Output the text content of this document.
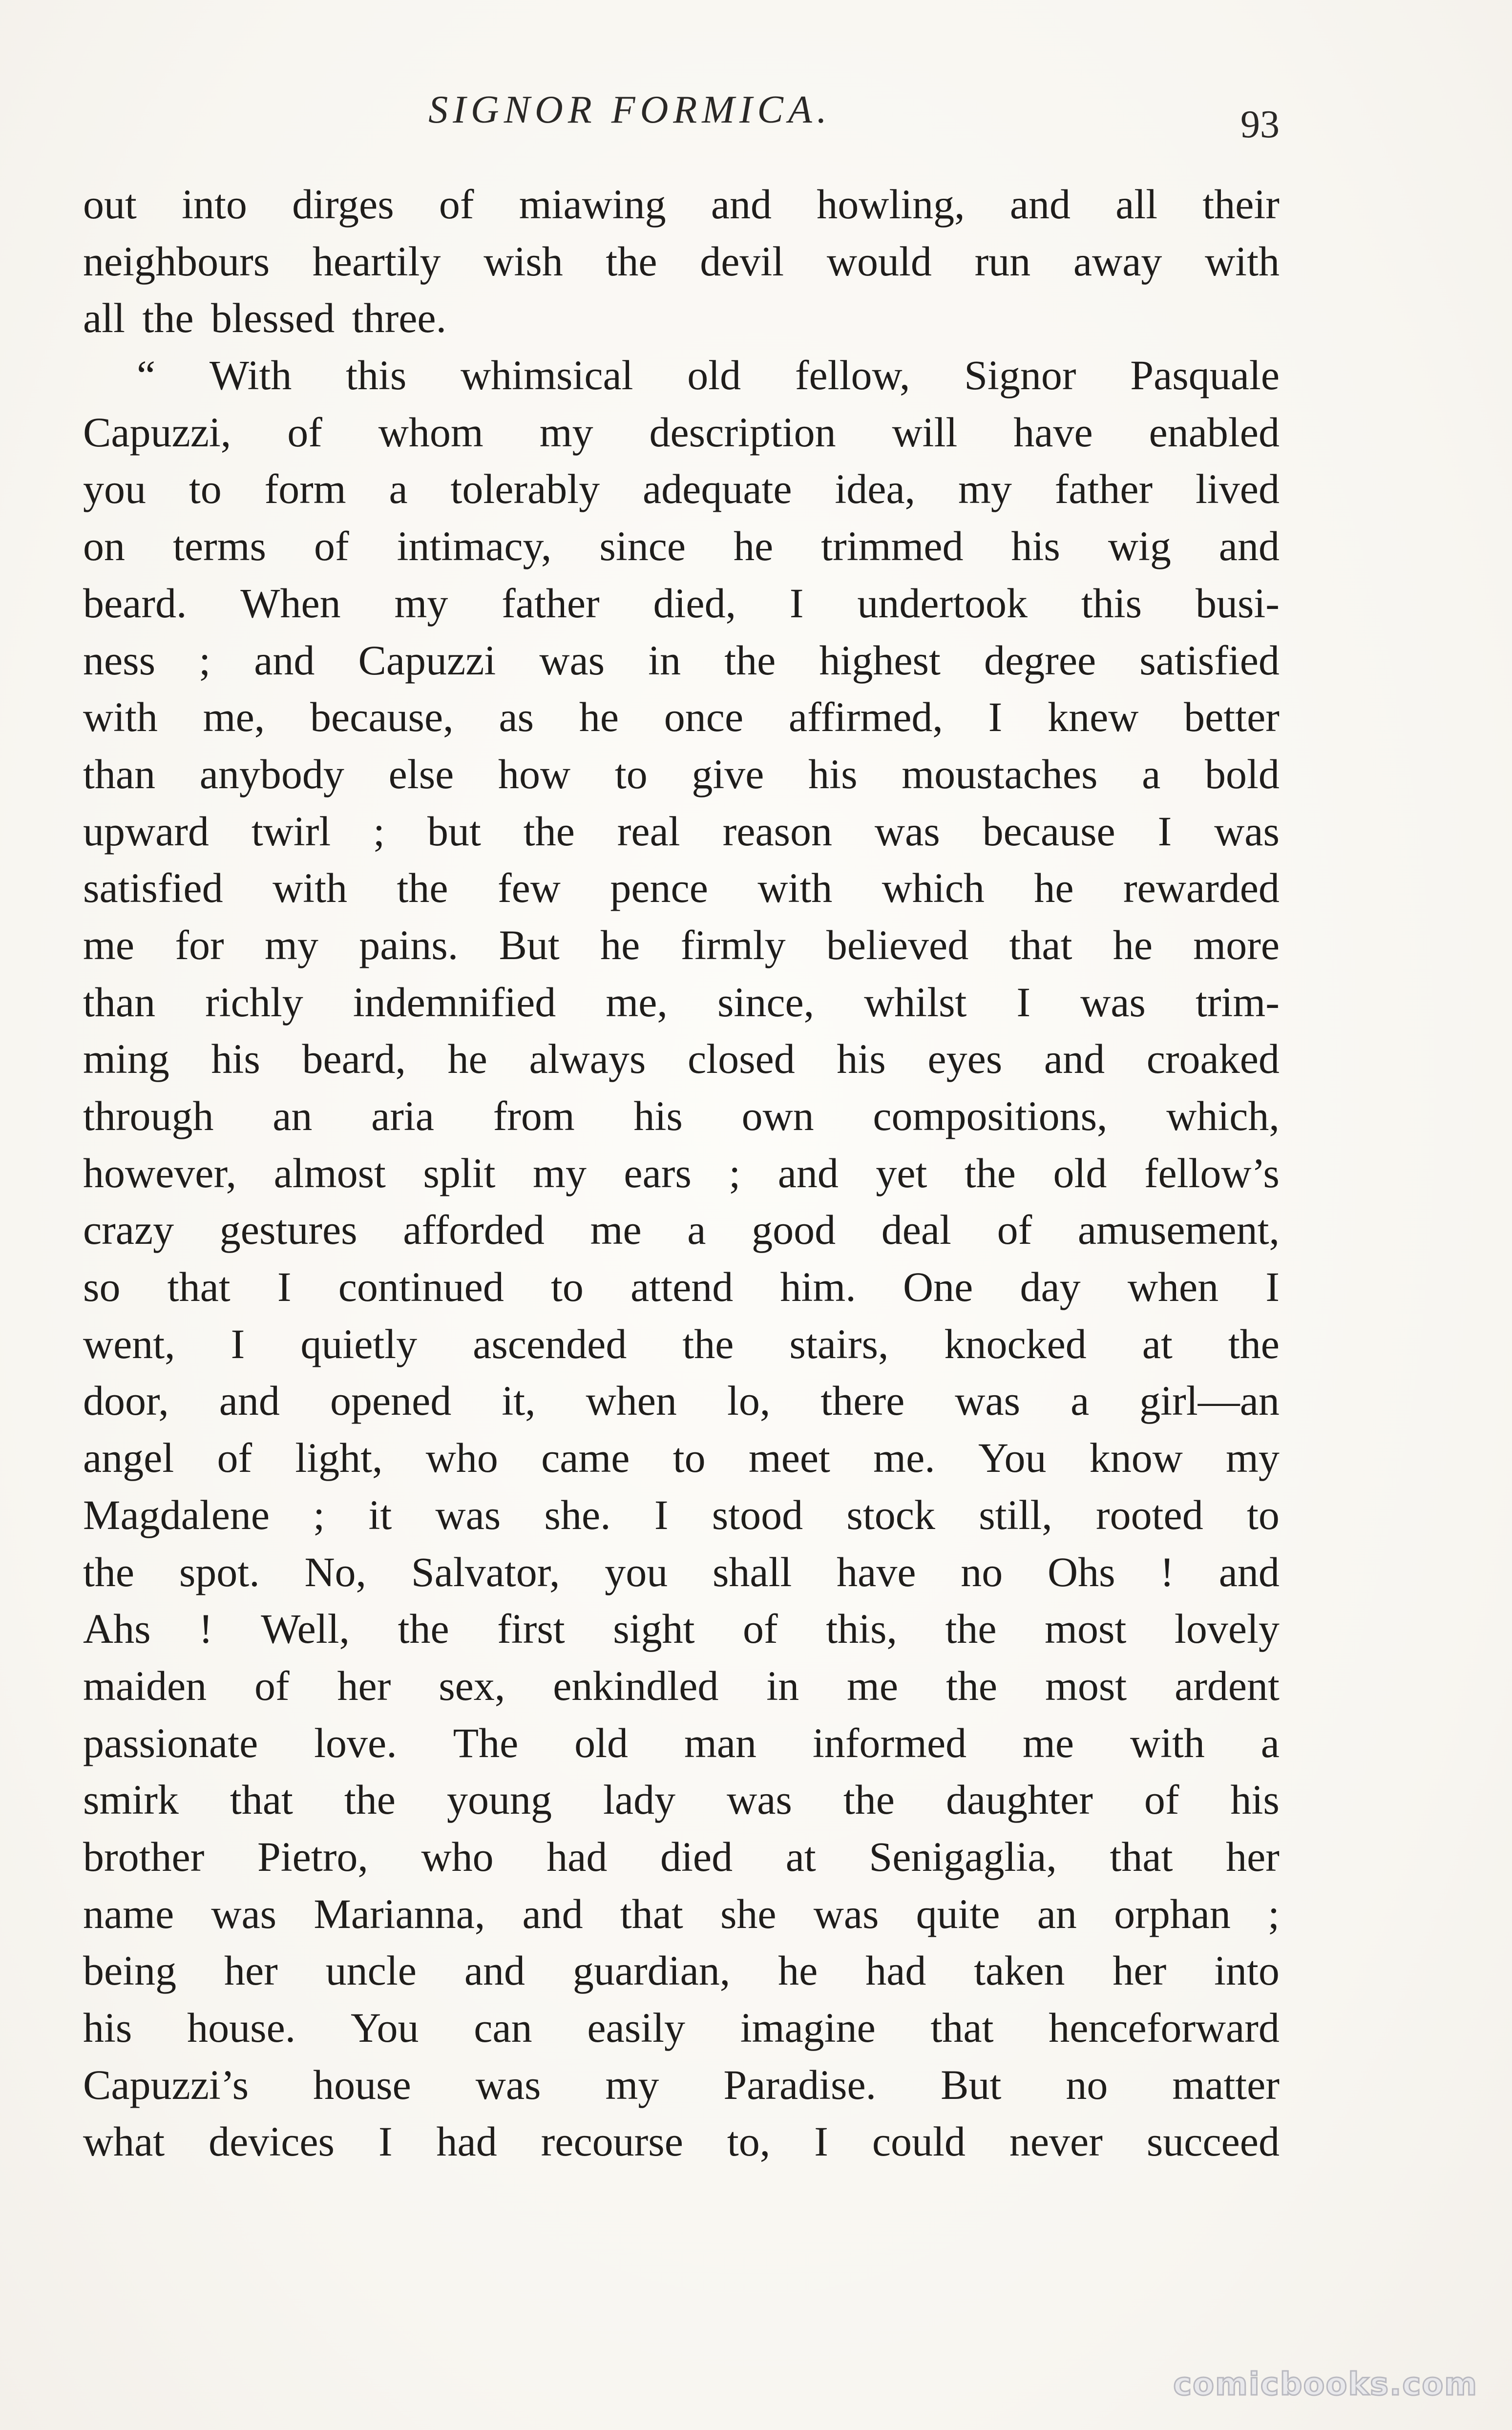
SIGNOR FORMICA.	93
out into dirges of miawing and howling, and all their
neighbours heartily wish the devil would run away with
all the blessed three.
“ With this whimsical old fellow, Signor Pasquale
Capuzzi, of whom my description will have enabled
you to form a tolerably adequate idea, my father lived
on terms of intimacy, since he trimmed his wig and
beard. When my father died, I undertook this busi-
ness ; and Capuzzi was in the highest degree satisfied
with me, because, as he once affirmed, I knew better
than anybody else how to give his moustaches a bold
upward twirl ; but the real reason was because I was
satisfied with the few pence with which he rewarded
me for my pains. But he firmly believed that he more
than richly indemnified me, since, whilst I was trim-
ming his beard, he always closed his eyes and croaked
through an aria from his own compositions, which,
however, almost split my ears ; and yet the old fellow’s
crazy gestures afforded me a good deal of amusement,
so that I continued to attend him. One day when I
went, I quietly ascended the stairs, knocked at the
door, and opened it, when lo, there was a girl—an
angel of light, who came to meet me. You know my
Magdalene ; it was she. I stood stock still, rooted to
the spot. No, Salvator, you shall have no Ohs ! and
Ahs ! Well, the first sight of this, the most lovely
maiden of her sex, enkindled in me the most ardent
passionate love. The old man informed me with a
smirk that the young lady was the daughter of his
brother Pietro, who had died at Senigaglia, that her
name was Marianna, and that she was quite an orphan ;
being her uncle and guardian, he had taken her into
his house. You can easily imagine that henceforward
Capuzzi’s house was my Paradise. But no matter
what devices I had recourse to, I could never succeed
comicbooks.com
